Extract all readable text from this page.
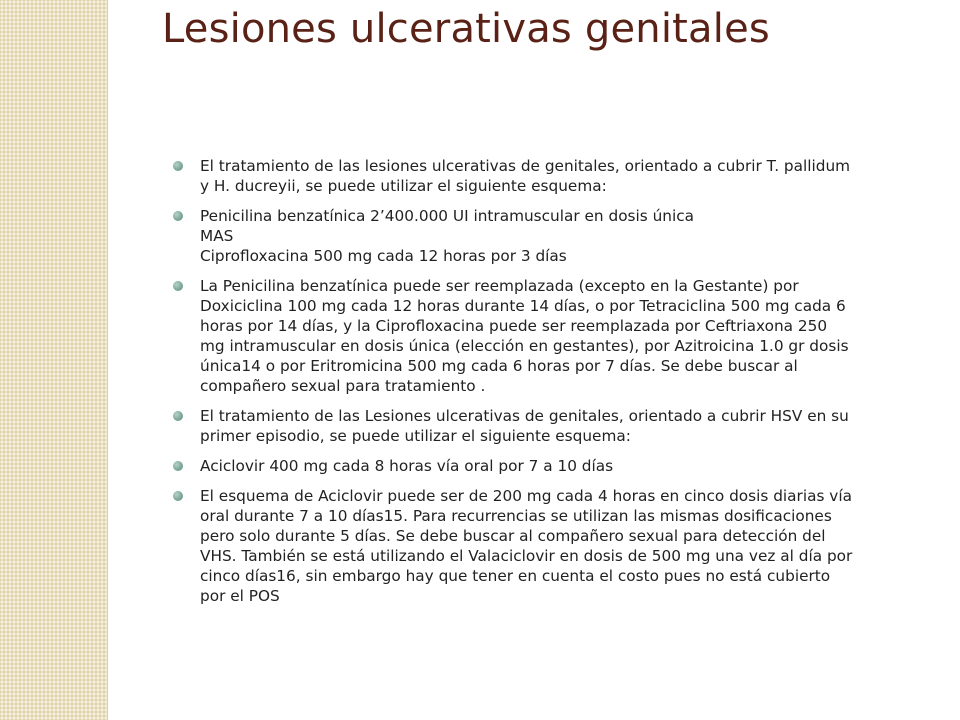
Lesiones ulcerativas genitales
El tratamiento de las lesiones ulcerativas de genitales, orientado a cubrir T. pallidum
y H. ducreyii, se puede utilizar el siguiente esquema:
Penicilina benzatínica 2’400.000 UI intramuscular en dosis única
MAS
Ciprofloxacina 500 mg cada 12 horas por 3 días
La Penicilina benzatínica puede ser reemplazada (excepto en la Gestante) por
Doxiciclina 100 mg cada 12 horas durante 14 días, o por Tetraciclina 500 mg cada 6
horas por 14 días, y la Ciprofloxacina puede ser reemplazada por Ceftriaxona 250
mg intramuscular en dosis única (elección en gestantes), por Azitroicina 1.0 gr dosis
única14 o por Eritromicina 500 mg cada 6 horas por 7 días. Se debe buscar al
compañero sexual para tratamiento .
El tratamiento de las Lesiones ulcerativas de genitales, orientado a cubrir HSV en su
primer episodio, se puede utilizar el siguiente esquema:
Aciclovir 400 mg cada 8 horas vía oral por 7 a 10 días
El esquema de Aciclovir puede ser de 200 mg cada 4 horas en cinco dosis diarias vía
oral durante 7 a 10 días15. Para recurrencias se utilizan las mismas dosificaciones
pero solo durante 5 días. Se debe buscar al compañero sexual para detección del
VHS. También se está utilizando el Valaciclovir en dosis de 500 mg una vez al día por
cinco días16, sin embargo hay que tener en cuenta el costo pues no está cubierto
por el POS
